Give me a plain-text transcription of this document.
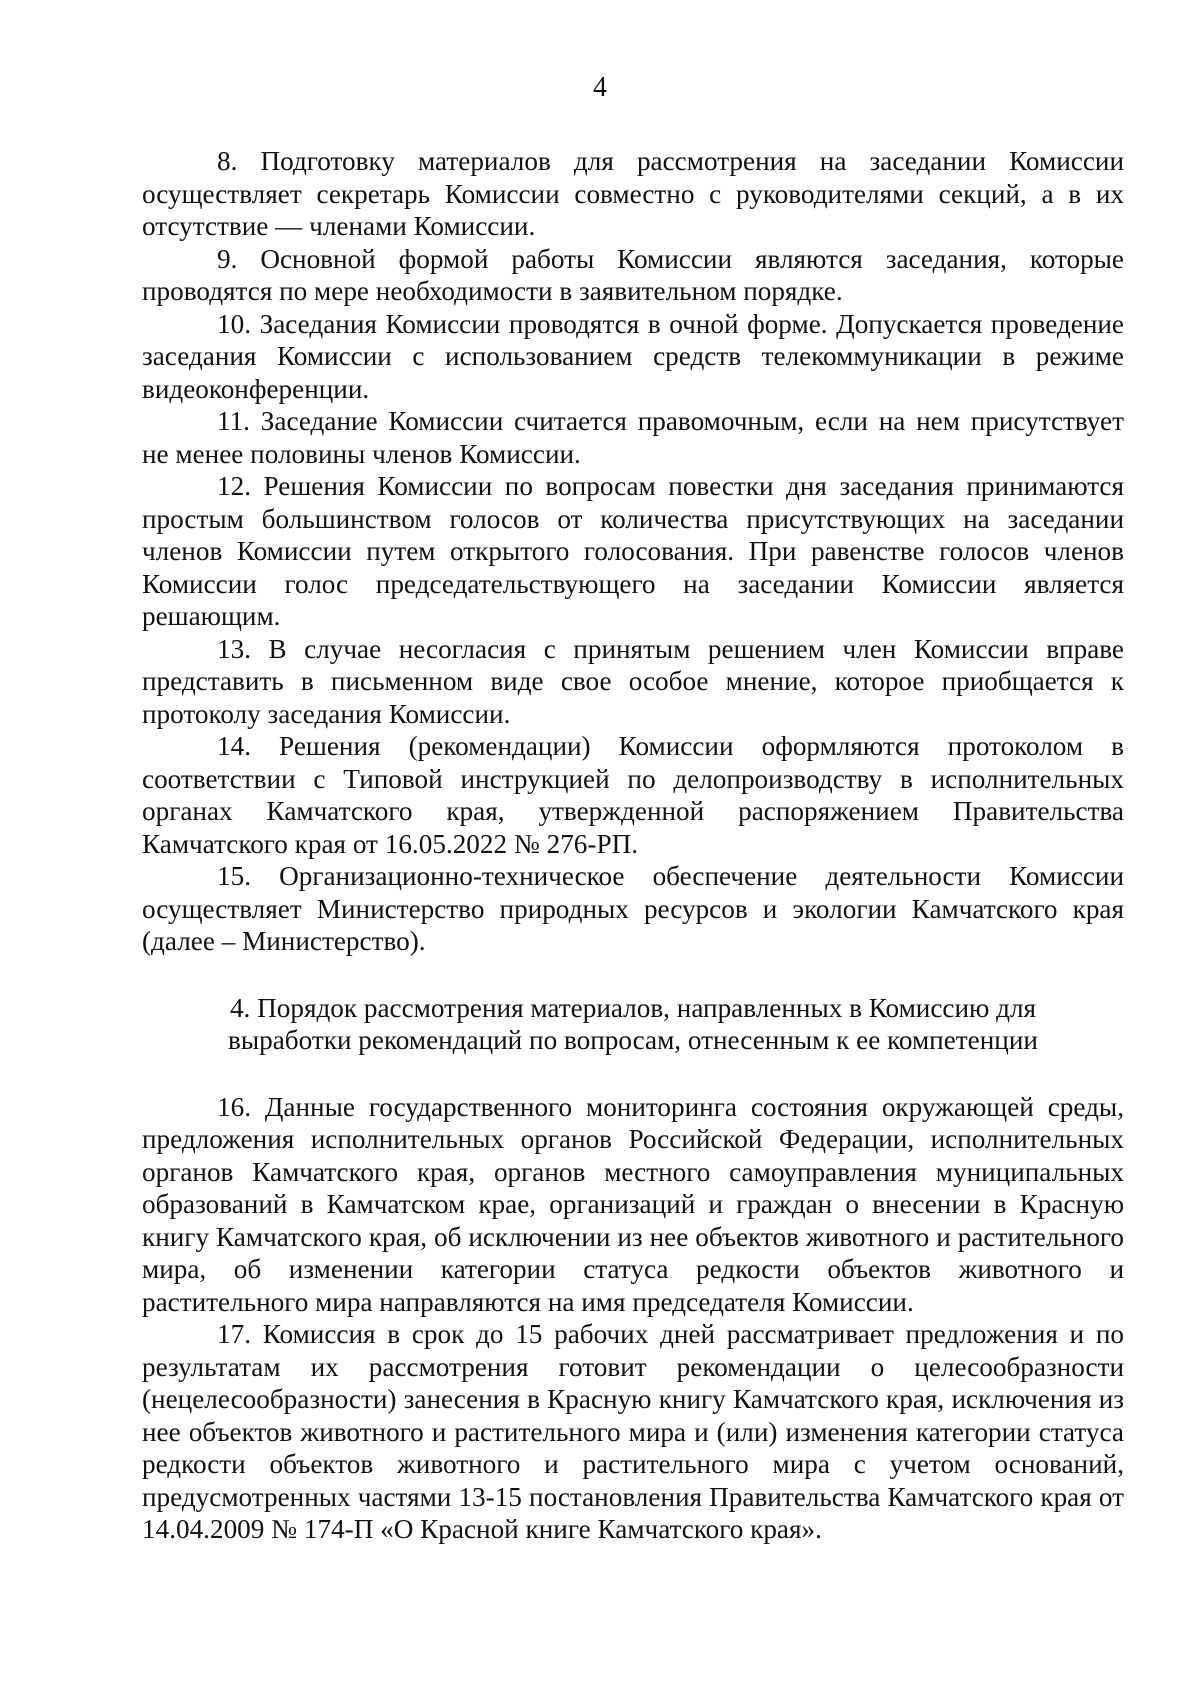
4

8. Подготовку материалов для рассмотрения на заседании Комиссии осуществляет секретарь Комиссии совместно с руководителями секций, а в их отсутствие — членами Комиссии.

9. Основной формой работы Комиссии являются заседания, которые проводятся по мере необходимости в заявительном порядке.

10. Заседания Комиссии проводятся в очной форме. Допускается проведение заседания Комиссии с использованием средств телекоммуникации в режиме видеоконференции.

11. Заседание Комиссии считается правомочным, если на нем присутствует не менее половины членов Комиссии.

12. Решения Комиссии по вопросам повестки дня заседания принимаются простым большинством голосов от количества присутствующих на заседании членов Комиссии путем открытого голосования. При равенстве голосов членов Комиссии голос председательствующего на заседании Комиссии является решающим.

13. В случае несогласия с принятым решением член Комиссии вправе представить в письменном виде свое особое мнение, которое приобщается к протоколу заседания Комиссии.

14. Решения (рекомендации) Комиссии оформляются протоколом в соответствии с Типовой инструкцией по делопроизводству в исполнительных органах Камчатского края, утвержденной распоряжением Правительства Камчатского края от 16.05.2022 № 276-РП.

15. Организационно-техническое обеспечение деятельности Комиссии осуществляет Министерство природных ресурсов и экологии Камчатского края (далее – Министерство).

4. Порядок рассмотрения материалов, направленных в Комиссию для выработки рекомендаций по вопросам, отнесенным к ее компетенции

16. Данные государственного мониторинга состояния окружающей среды, предложения исполнительных органов Российской Федерации, исполнительных органов Камчатского края, органов местного самоуправления муниципальных образований в Камчатском крае, организаций и граждан о внесении в Красную книгу Камчатского края, об исключении из нее объектов животного и растительного мира, об изменении категории статуса редкости объектов животного и растительного мира направляются на имя председателя Комиссии.

17. Комиссия в срок до 15 рабочих дней рассматривает предложения и по результатам их рассмотрения готовит рекомендации о целесообразности (нецелесообразности) занесения в Красную книгу Камчатского края, исключения из нее объектов животного и растительного мира и (или) изменения категории статуса редкости объектов животного и растительного мира с учетом оснований, предусмотренных частями 13-15 постановления Правительства Камчатского края от 14.04.2009 № 174-П «О Красной книге Камчатского края».
